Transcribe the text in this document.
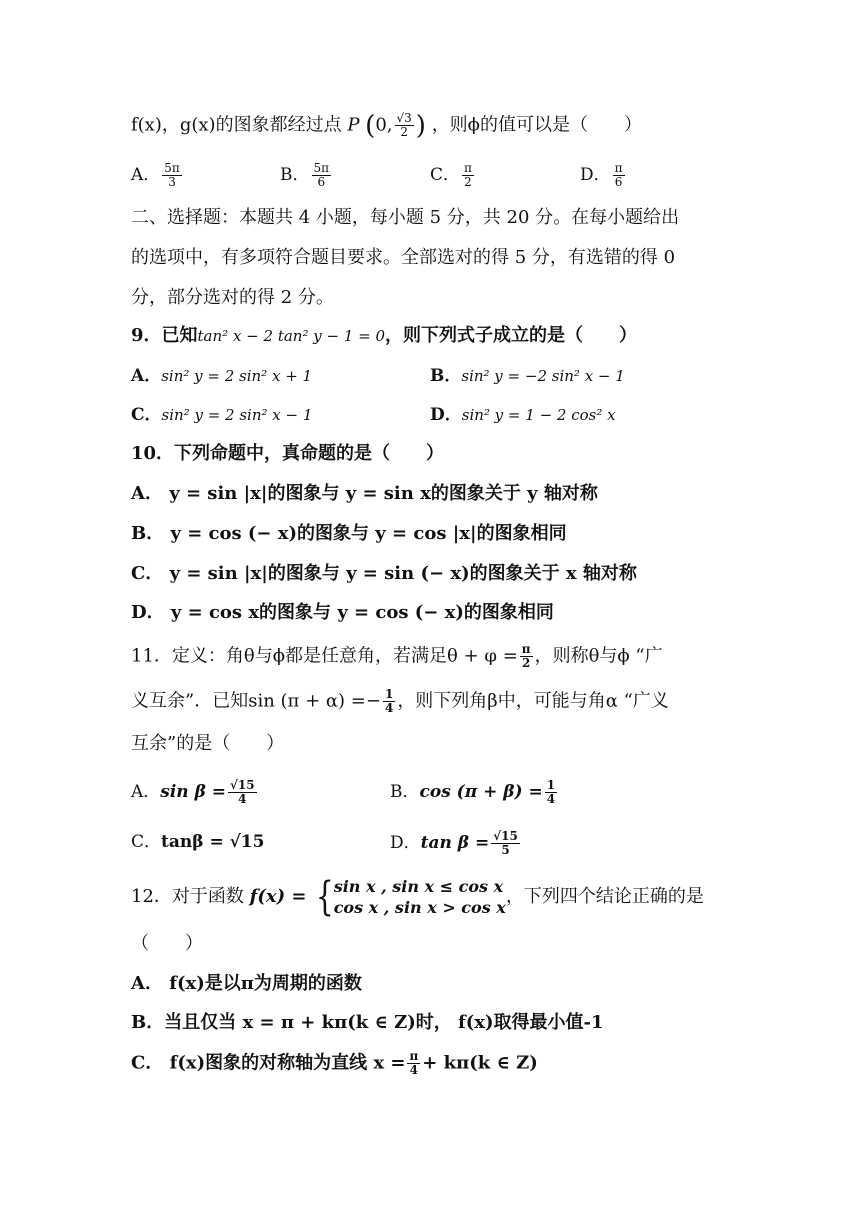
f(x)，g(x)的图象都经过点 P (0, $\frac{√3}{2}$ ) ，则ϕ的值可以是（　　）
A． $\frac{5\pi}{3}$	B． $\frac{5\pi}{6}$	C． $\frac{\pi}{2}$	D． $\frac{\pi}{6}$
二、选择题：本题共 4 小题，每小题 5 分，共 20 分。在每小题给出
的选项中，有多项符合题目要求。全部选对的得 5 分，有选错的得 0
分，部分选对的得 2 分。
9．已知tan² x − 2 tan² y − 1 = 0，则下列式子成立的是（　　）
A．sin² y = 2 sin² x + 1	B．sin² y = −2 sin² x − 1
C．sin² y = 2 sin² x − 1	D．sin² y = 1 − 2 cos² x
10．下列命题中，真命题的是（　　）
A． y = sin |x|的图象与 y = sin x的图象关于 y 轴对称
B． y = cos (− x)的图象与 y = cos |x|的图象相同
C． y = sin |x|的图象与 y = sin (− x)的图象关于 x 轴对称
D． y = cos x的图象与 y = cos (− x)的图象相同
11．定义：角θ与ϕ都是任意角，若满足$\theta + \varphi = \frac{\pi}{2}$ ，则称θ与ϕ “广
义互余”．已知$\sin (\pi + \alpha) =- \frac{1}{4}$ ，则下列角β中，可能与角α “广义
互余”的是（　　）
A．$\sin \beta = \frac{√15}{4}$	B．$\cos (\pi + \beta) = \frac{1}{4}$
C．tanβ = √15	D．$\tan \beta = \frac{√15}{5}$
12．对于函数 f(x) = { sin x , sin x ≤ cos x
cos x , sin x > cos x
，下列四个结论正确的是
（　　）
A． f(x)是以π为周期的函数
B．当且仅当 x = π + kπ(k ∈ Z)时， f(x)取得最小值-1
C． f(x)图象的对称轴为直线 $x = \frac{\pi}{4} + k\pi(k$ ∈ Z)
